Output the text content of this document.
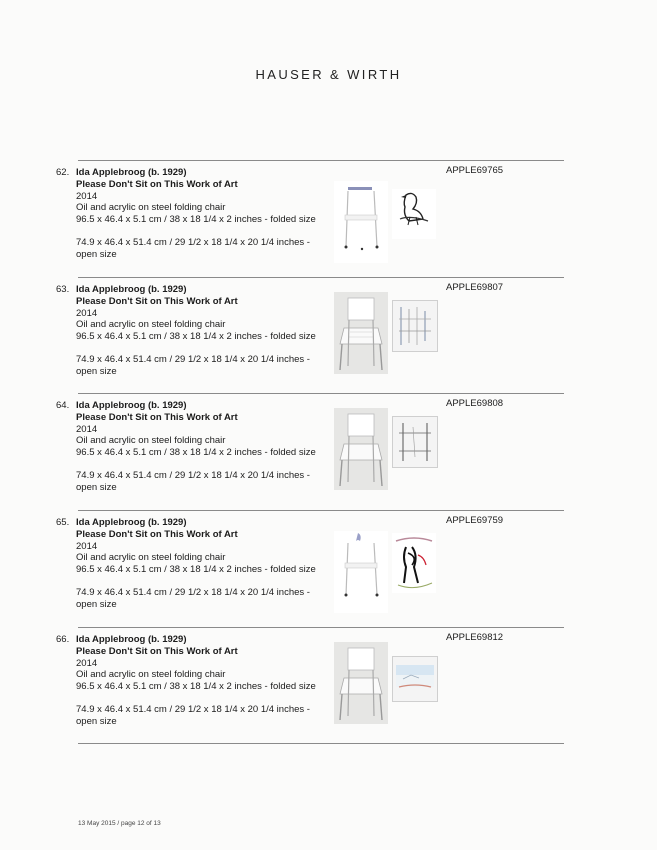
HAUSER & WIRTH
62. Ida Applebroog (b. 1929)
Please Don't Sit on This Work of Art
2014
Oil and acrylic on steel folding chair
96.5 x 46.4 x 5.1 cm / 38 x 18 1/4 x 2 inches - folded size
74.9 x 46.4 x 51.4 cm / 29 1/2 x 18 1/4 x 20 1/4 inches -
open size
APPLE69765
63. Ida Applebroog (b. 1929)
Please Don't Sit on This Work of Art
2014
Oil and acrylic on steel folding chair
96.5 x 46.4 x 5.1 cm / 38 x 18 1/4 x 2 inches - folded size
74.9 x 46.4 x 51.4 cm / 29 1/2 x 18 1/4 x 20 1/4 inches -
open size
APPLE69807
64. Ida Applebroog (b. 1929)
Please Don't Sit on This Work of Art
2014
Oil and acrylic on steel folding chair
96.5 x 46.4 x 5.1 cm / 38 x 18 1/4 x 2 inches - folded size
74.9 x 46.4 x 51.4 cm / 29 1/2 x 18 1/4 x 20 1/4 inches -
open size
APPLE69808
65. Ida Applebroog (b. 1929)
Please Don't Sit on This Work of Art
2014
Oil and acrylic on steel folding chair
96.5 x 46.4 x 5.1 cm / 38 x 18 1/4 x 2 inches - folded size
74.9 x 46.4 x 51.4 cm / 29 1/2 x 18 1/4 x 20 1/4 inches -
open size
APPLE69759
66. Ida Applebroog (b. 1929)
Please Don't Sit on This Work of Art
2014
Oil and acrylic on steel folding chair
96.5 x 46.4 x 5.1 cm / 38 x 18 1/4 x 2 inches - folded size
74.9 x 46.4 x 51.4 cm / 29 1/2 x 18 1/4 x 20 1/4 inches -
open size
APPLE69812
13 May 2015 / page 12 of 13
